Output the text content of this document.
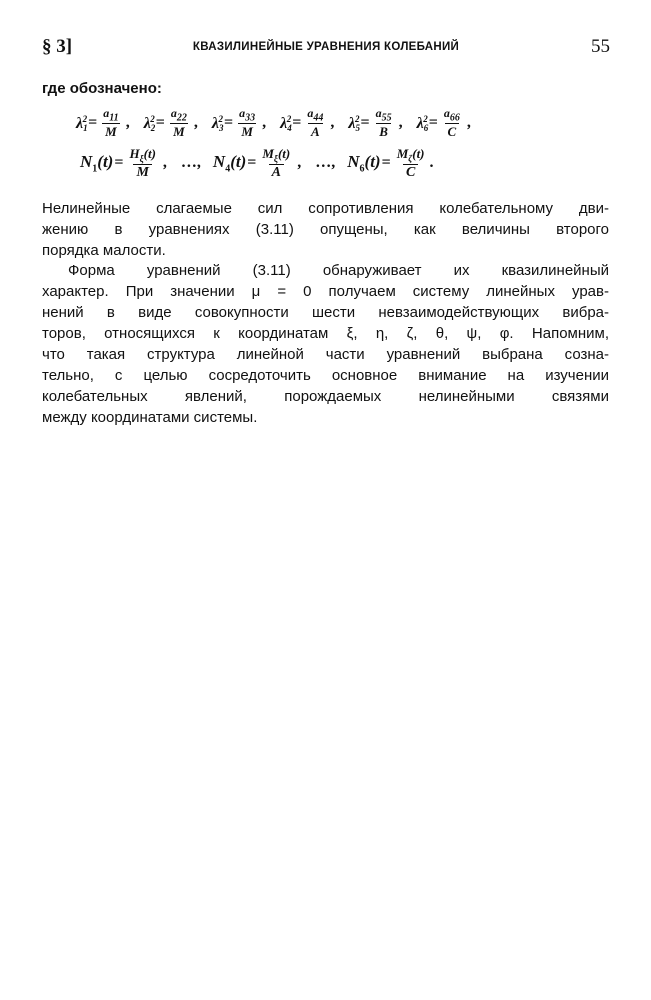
§ 3]	КВАЗИЛИНЕЙНЫЕ УРАВНЕНИЯ КОЛЕБАНИЙ	55
где обозначено:
$\lambda_1^2 = \frac{a_{11}}{M}$ ,
$\lambda_2^2 = \frac{a_{22}}{M}$ ,
$\lambda_3^2 = \frac{a_{33}}{M}$ ,
$\lambda_4^2 = \frac{a_{44}}{A}$ ,
$\lambda_5^2 = \frac{a_{55}}{B}$ ,
$\lambda_6^2 = \frac{a_{66}}{C}$ ,
$N_1(t) = \frac{H_\xi(t)}{M}$ ,
…,
$N_4(t) = \frac{M_\xi(t)}{A}$ ,
…,
$N_6(t) = \frac{M_\zeta(t)}{C}$ .
Нелинейные слагаемые сил сопротивления колебательному дви-
жению в уравнениях (3.11) опущены, как величины второго
порядка малости.
Форма уравнений (3.11) обнаруживает их квазилинейный
характер. При значении μ = 0 получаем систему линейных урав-
нений в виде совокупности шести невзаимодействующих вибра-
торов, относящихся к координатам ξ, η, ζ, θ, ψ, φ. Напомним,
что такая структура линейной части уравнений выбрана созна-
тельно, с целью сосредоточить основное внимание на изучении
колебательных явлений, порождаемых нелинейными связями
между координатами системы.
